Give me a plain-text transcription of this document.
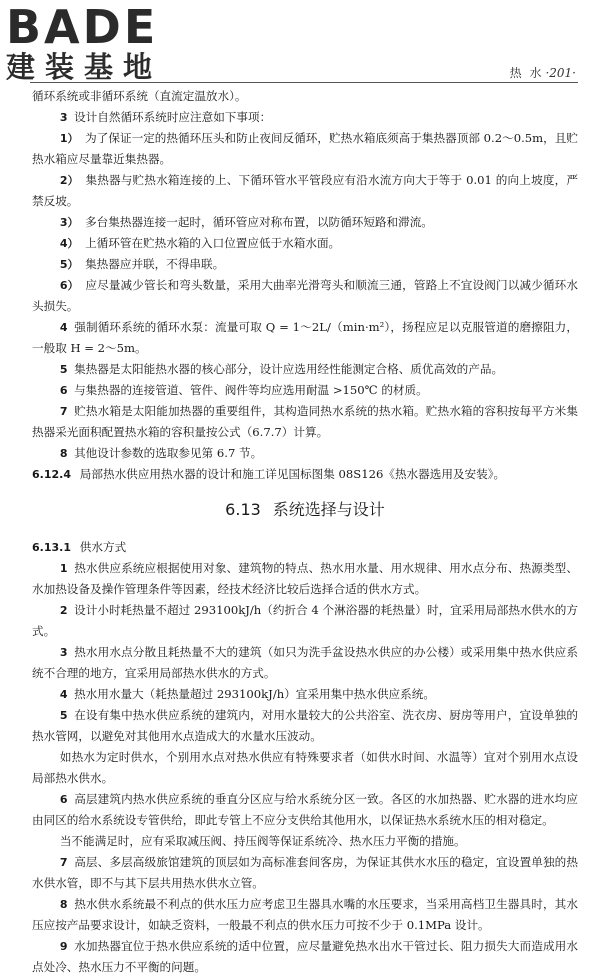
BADE
建装基地	热 水 ·201·

循环系统或非循环系统（直流定温放水）。

3 设计自然循环系统时应注意如下事项：

1） 为了保证一定的热循环压头和防止夜间反循环，贮热水箱底须高于集热器顶部 0.2～0.5m，且贮热水箱应尽量靠近集热器。

2） 集热器与贮热水箱连接的上、下循环管水平管段应有沿水流方向大于等于 0.01 的向上坡度，严禁反坡。

3） 多台集热器连接一起时，循环管应对称布置，以防循环短路和滞流。

4） 上循环管在贮热水箱的入口位置应低于水箱水面。

5） 集热器应并联，不得串联。

6） 应尽量减少管长和弯头数量，采用大曲率光滑弯头和顺流三通，管路上不宜设阀门以减少循环水头损失。

4 强制循环系统的循环水泵：流量可取 Q = 1～2L/（min·m²），扬程应足以克服管道的磨擦阻力，一般取 H = 2～5m。

5 集热器是太阳能热水器的核心部分，设计应选用经性能测定合格、质优高效的产品。

6 与集热器的连接管道、管件、阀件等均应选用耐温 >150℃ 的材质。

7 贮热水箱是太阳能加热器的重要组件，其构造同热水系统的热水箱。贮热水箱的容积按每平方米集热器采光面积配置热水箱的容积量按公式（6.7.7）计算。

8 其他设计参数的选取参见第 6.7 节。

6.12.4 局部热水供应用热水器的设计和施工详见国标图集 08S126《热水器选用及安装》。

6.13 系统选择与设计

6.13.1 供水方式

1 热水供应系统应根据使用对象、建筑物的特点、热水用水量、用水规律、用水点分布、热源类型、水加热设备及操作管理条件等因素，经技术经济比较后选择合适的供水方式。

2 设计小时耗热量不超过 293100kJ/h（约折合 4 个淋浴器的耗热量）时，宜采用局部热水供水的方式。

3 热水用水点分散且耗热量不大的建筑（如只为洗手盆设热水供应的办公楼）或采用集中热水供应系统不合理的地方，宜采用局部热水供水的方式。

4 热水用水量大（耗热量超过 293100kJ/h）宜采用集中热水供应系统。

5 在设有集中热水供应系统的建筑内，对用水量较大的公共浴室、洗衣房、厨房等用户，宜设单独的热水管网，以避免对其他用水点造成大的水量水压波动。

如热水为定时供水，个别用水点对热水供应有特殊要求者（如供水时间、水温等）宜对个别用水点设局部热水供水。

6 高层建筑内热水供应系统的垂直分区应与给水系统分区一致。各区的水加热器、贮水器的进水均应由同区的给水系统设专管供给，即此专管上不应分支供给其他用水，以保证热水系统水压的相对稳定。

当不能满足时，应有采取减压阀、持压阀等保证系统冷、热水压力平衡的措施。

7 高层、多层高级旅馆建筑的顶层如为高标准套间客房，为保证其供水水压的稳定，宜设置单独的热水供水管，即不与其下层共用热水供水立管。

8 热水供水系统最不利点的供水压力应考虑卫生器具水嘴的水压要求，当采用高档卫生器具时，其水压应按产品要求设计，如缺乏资料，一般最不利点的供水压力可按不少于 0.1MPa 设计。

9 水加热器宜位于热水供应系统的适中位置，应尽量避免热水出水干管过长、阻力损失大而造成用水点处冷、热水压力不平衡的问题。
